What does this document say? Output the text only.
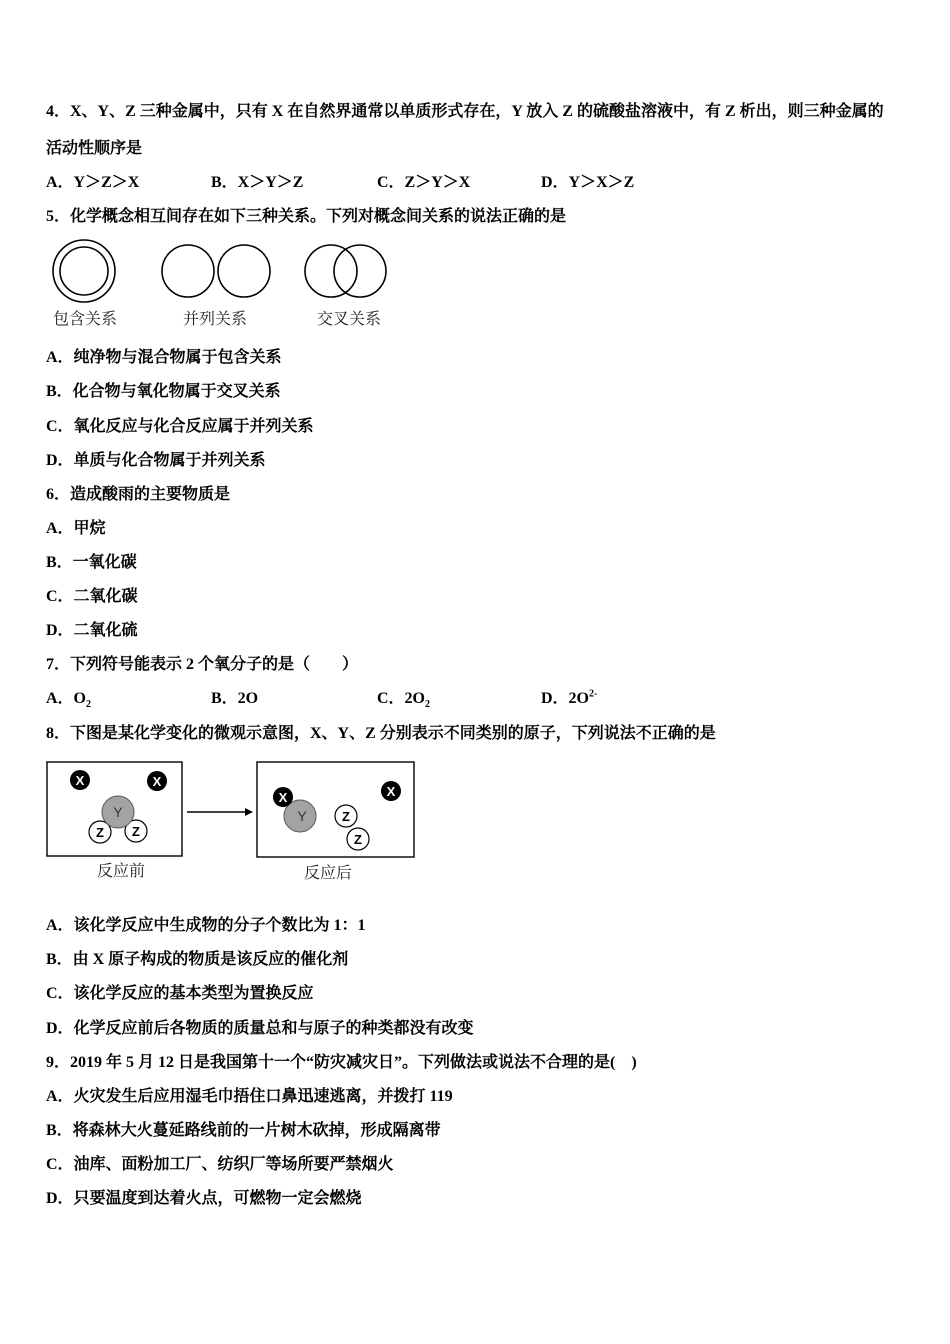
4．X、Y、Z 三种金属中，只有 X 在自然界通常以单质形式存在，Y 放入 Z 的硫酸盐溶液中，有 Z 析出，则三种金属的
活动性顺序是
A．Y＞Z＞X	B．X＞Y＞Z	C．Z＞Y＞X	D．Y＞X＞Z
5．化学概念相互间存在如下三种关系。下列对概念间关系的说法正确的是
包含关系	并列关系	交叉关系
A．纯净物与混合物属于包含关系
B．化合物与氧化物属于交叉关系
C．氧化反应与化合反应属于并列关系
D．单质与化合物属于并列关系
6．造成酸雨的主要物质是
A．甲烷
B．一氧化碳
C．二氧化碳
D．二氧化硫
7．下列符号能表示 2 个氧分子的是（　　）
A．$O_2$	B．2O	C．$2O_2$	D．$2O^{2-}$
8．下图是某化学变化的微观示意图，X、Y、Z 分别表示不同类别的原子，下列说法不正确的是
X	X
Z Z
Y	Y
X
Z
Z
X
反应前	反应后
A．该化学反应中生成物的分子个数比为 1：1
B．由 X 原子构成的物质是该反应的催化剂
C．该化学反应的基本类型为置换反应
D．化学反应前后各物质的质量总和与原子的种类都没有改变
9．2019 年 5 月 12 日是我国第十一个“防灾减灾日”。下列做法或说法不合理的是(　)
A．火灾发生后应用湿毛巾捂住口鼻迅速逃离，并拨打 119
B．将森林大火蔓延路线前的一片树木砍掉，形成隔离带
C．油库、面粉加工厂、纺织厂等场所要严禁烟火
D．只要温度到达着火点，可燃物一定会燃烧
